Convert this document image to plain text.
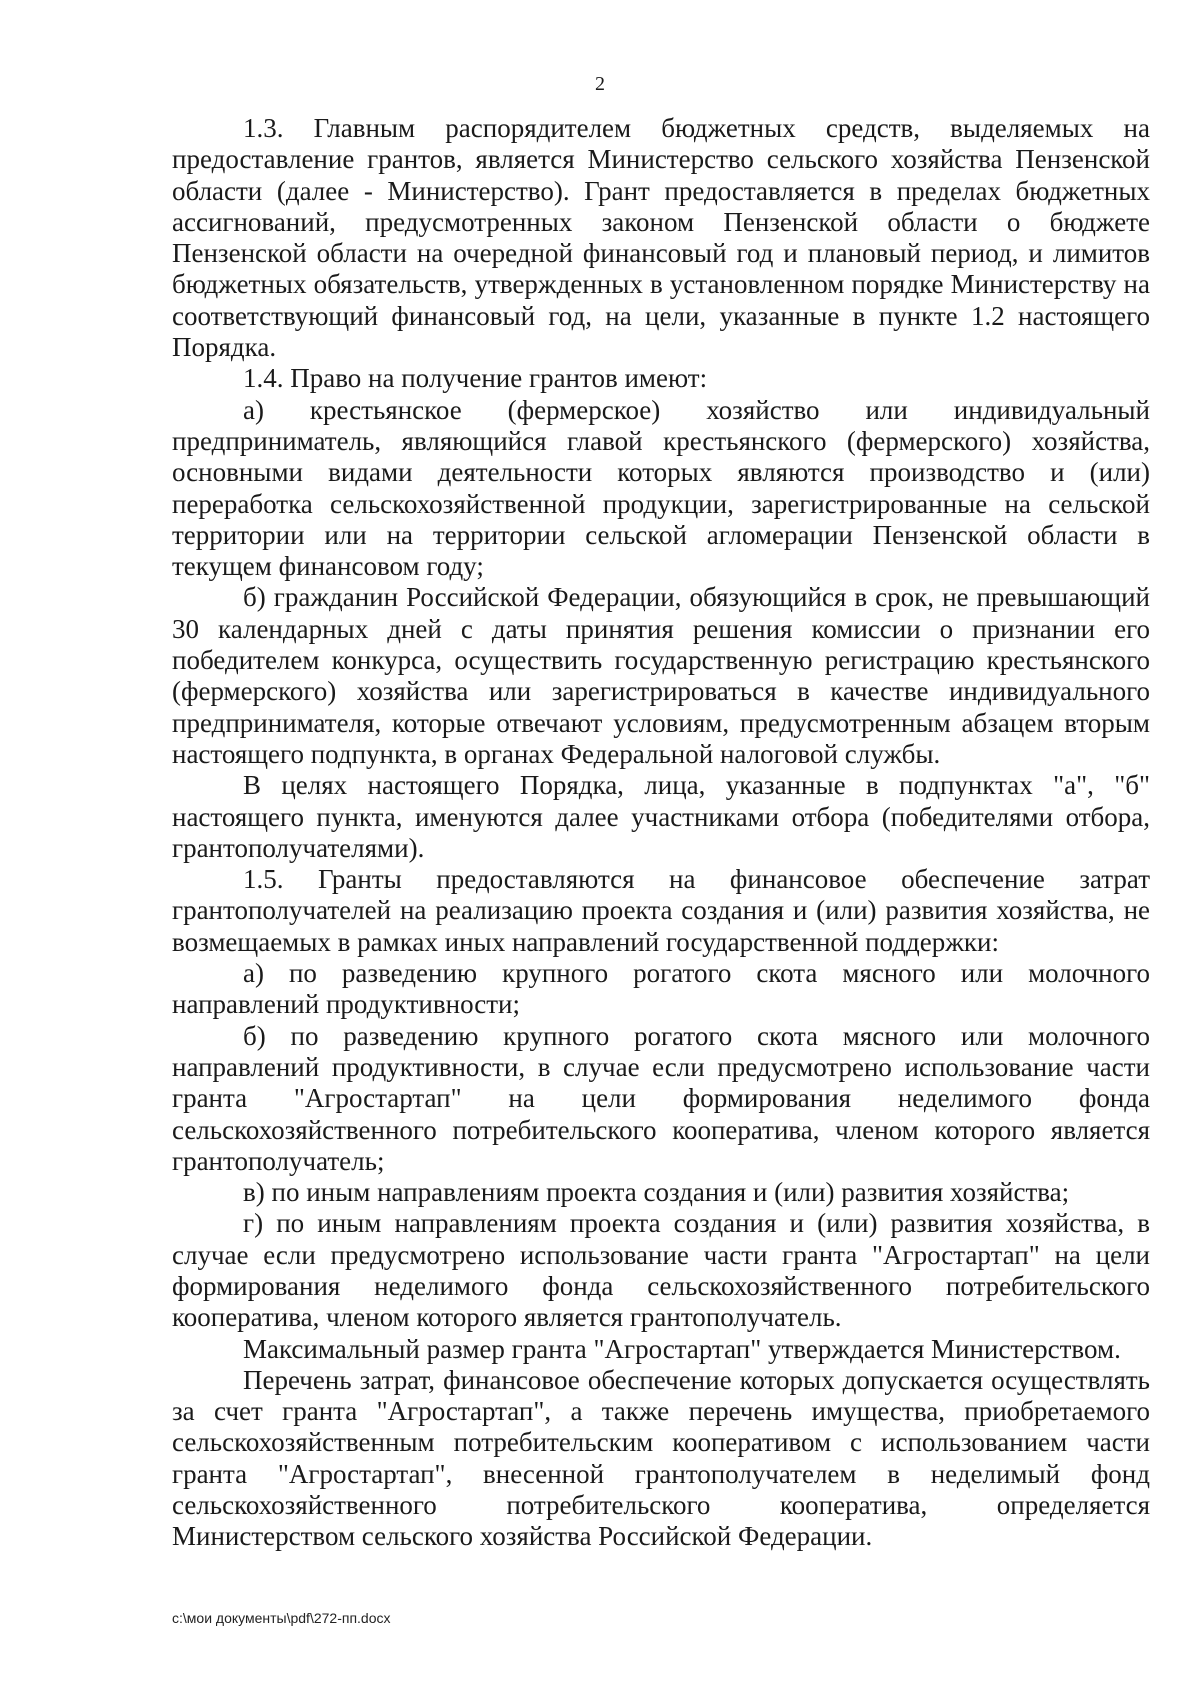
2

1.3. Главным распорядителем бюджетных средств, выделяемых на предоставление грантов, является Министерство сельского хозяйства Пензенской области (далее - Министерство). Грант предоставляется в пределах бюджетных ассигнований, предусмотренных законом Пензенской области о бюджете Пензенской области на очередной финансовый год и плановый период, и лимитов бюджетных обязательств, утвержденных в установленном порядке Министерству на соответствующий финансовый год, на цели, указанные в пункте 1.2 настоящего Порядка.

1.4. Право на получение грантов имеют:

а) крестьянское (фермерское) хозяйство или индивидуальный предприниматель, являющийся главой крестьянского (фермерского) хозяйства, основными видами деятельности которых являются производство и (или) переработка сельскохозяйственной продукции, зарегистрированные на сельской территории или на территории сельской агломерации Пензенской области в текущем финансовом году;

б) гражданин Российской Федерации, обязующийся в срок, не превышающий 30 календарных дней с даты принятия решения комиссии о признании его победителем конкурса, осуществить государственную регистрацию крестьянского (фермерского) хозяйства или зарегистрироваться в качестве индивидуального предпринимателя, которые отвечают условиям, предусмотренным абзацем вторым настоящего подпункта, в органах Федеральной налоговой службы.

В целях настоящего Порядка, лица, указанные в подпунктах "а", "б" настоящего пункта, именуются далее участниками отбора (победителями отбора, грантополучателями).

1.5. Гранты предоставляются на финансовое обеспечение затрат грантополучателей на реализацию проекта создания и (или) развития хозяйства, не возмещаемых в рамках иных направлений государственной поддержки:

а) по разведению крупного рогатого скота мясного или молочного направлений продуктивности;

б) по разведению крупного рогатого скота мясного или молочного направлений продуктивности, в случае если предусмотрено использование части гранта "Агростартап" на цели формирования неделимого фонда сельскохозяйственного потребительского кооператива, членом которого является грантополучатель;

в) по иным направлениям проекта создания и (или) развития хозяйства;

г) по иным направлениям проекта создания и (или) развития хозяйства, в случае если предусмотрено использование части гранта "Агростартап" на цели формирования неделимого фонда сельскохозяйственного потребительского кооператива, членом которого является грантополучатель.

Максимальный размер гранта "Агростартап" утверждается Министерством.

Перечень затрат, финансовое обеспечение которых допускается осуществлять за счет гранта "Агростартап", а также перечень имущества, приобретаемого сельскохозяйственным потребительским кооперативом с использованием части гранта "Агростартап", внесенной грантополучателем в неделимый фонд сельскохозяйственного потребительского кооператива, определяется Министерством сельского хозяйства Российской Федерации.

c:\мои документы\pdf\272-пп.docx
